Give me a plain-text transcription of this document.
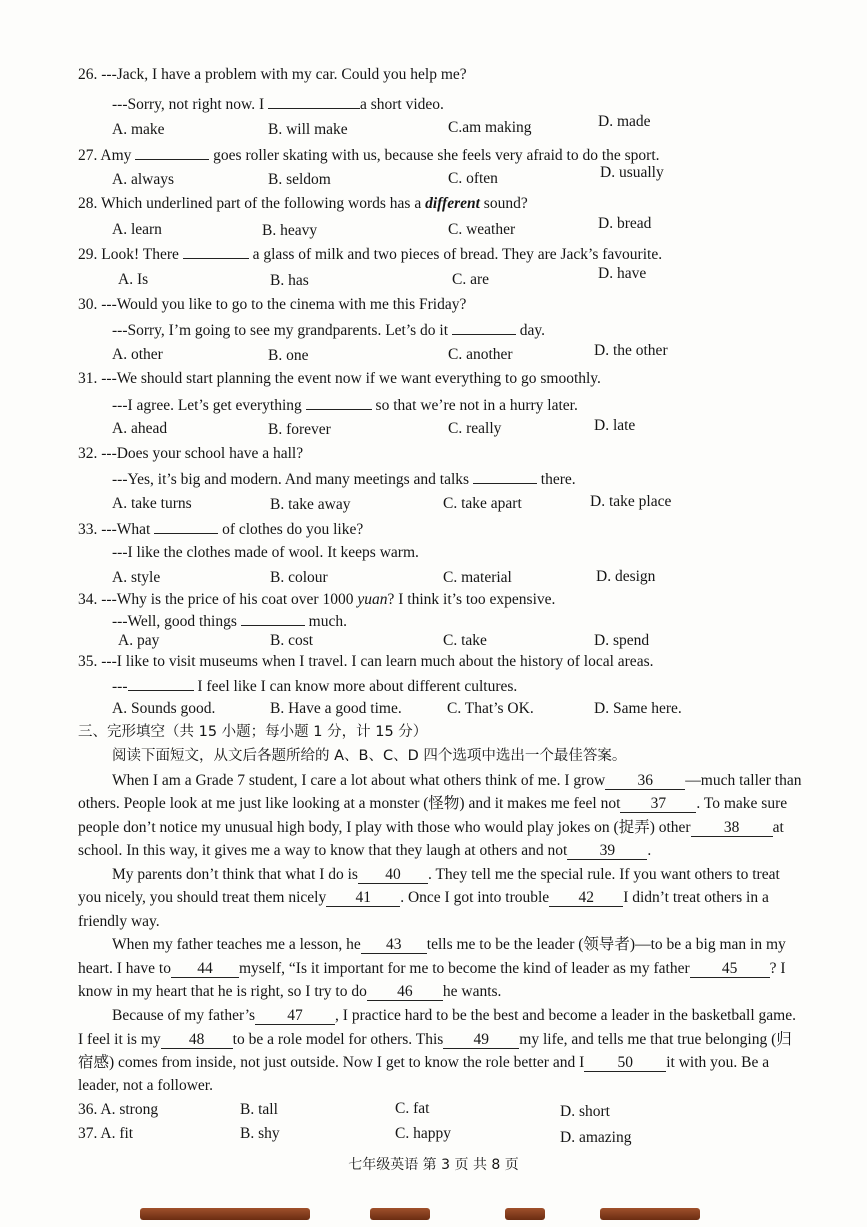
26. ---Jack, I have a problem with my car. Could you help me?
---Sorry, not right now. I	a short video.
A. make	B. will make	C.am making	D. made
27. Amy	goes roller skating with us, because she feels very afraid to do the sport.
A. always	B. seldom	C. often	D. usually
28. Which underlined part of the following words has a different sound?
A. learn	B. heavy	C. weather	D. bread
29. Look! There	a glass of milk and two pieces of bread. They are Jack’s favourite.
A. Is	B. has	C. are	D. have
30. ---Would you like to go to the cinema with me this Friday?
---Sorry, I’m going to see my grandparents. Let’s do it	day.
A. other	B. one	C. another	D. the other
31. ---We should start planning the event now if we want everything to go smoothly.
---I agree. Let’s get everything	so that we’re not in a hurry later.
A. ahead	B. forever	C. really	D. late
32. ---Does your school have a hall?
---Yes, it’s big and modern. And many meetings and talks	there.
A. take turns	B. take away	C. take apart	D. take place
33. ---What	of clothes do you like?
---I like the clothes made of wool. It keeps warm.
A. style	B. colour	C. material	D. design
34. ---Why is the price of his coat over 1000 yuan? I think it’s too expensive.
---Well, good things	much.
A. pay	B. cost	C. take	D. spend
35. ---I like to visit museums when I travel. I can learn much about the history of local areas.
---	I feel like I can know more about different cultures.
A. Sounds good.	B. Have a good time.	C. That’s OK.	D. Same here.
三、完形填空（共 15 小题；每小题 1 分，计 15 分）
阅读下面短文，从文后各题所给的 A、B、C、D 四个选项中选出一个最佳答案。
When I am a Grade 7 student, I care a lot about what others think of me. I grow 36 —much taller than
others. People look at me just like looking at a monster (怪物) and it makes me feel not 37 . To make sure
people don’t notice my unusual high body, I play with those who would play jokes on (捉弄) other 38 at
school. In this way, it gives me a way to know that they laugh at others and not 39 .
My parents don’t think that what I do is 40 . They tell me the special rule. If you want others to treat
you nicely, you should treat them nicely 41 . Once I got into trouble 42 I didn’t treat others in a
friendly way.
When my father teaches me a lesson, he 43 tells me to be the leader (领导者)—to be a big man in my
heart. I have to 44 myself, “Is it important for me to become the kind of leader as my father 45 ? I
know in my heart that he is right, so I try to do 46 he wants.
Because of my father’s 47 , I practice hard to be the best and become a leader in the basketball game.
I feel it is my 48 to be a role model for others. This 49 my life, and tells me that true belonging (归
宿感) comes from inside, not just outside. Now I get to know the role better and I 50 it with you. Be a
leader, not a follower.
36. A. strong	B. tall	C. fat	D. short
37. A. fit	B. shy	C. happy	D. amazing
七年级英语 第 3 页 共 8 页
